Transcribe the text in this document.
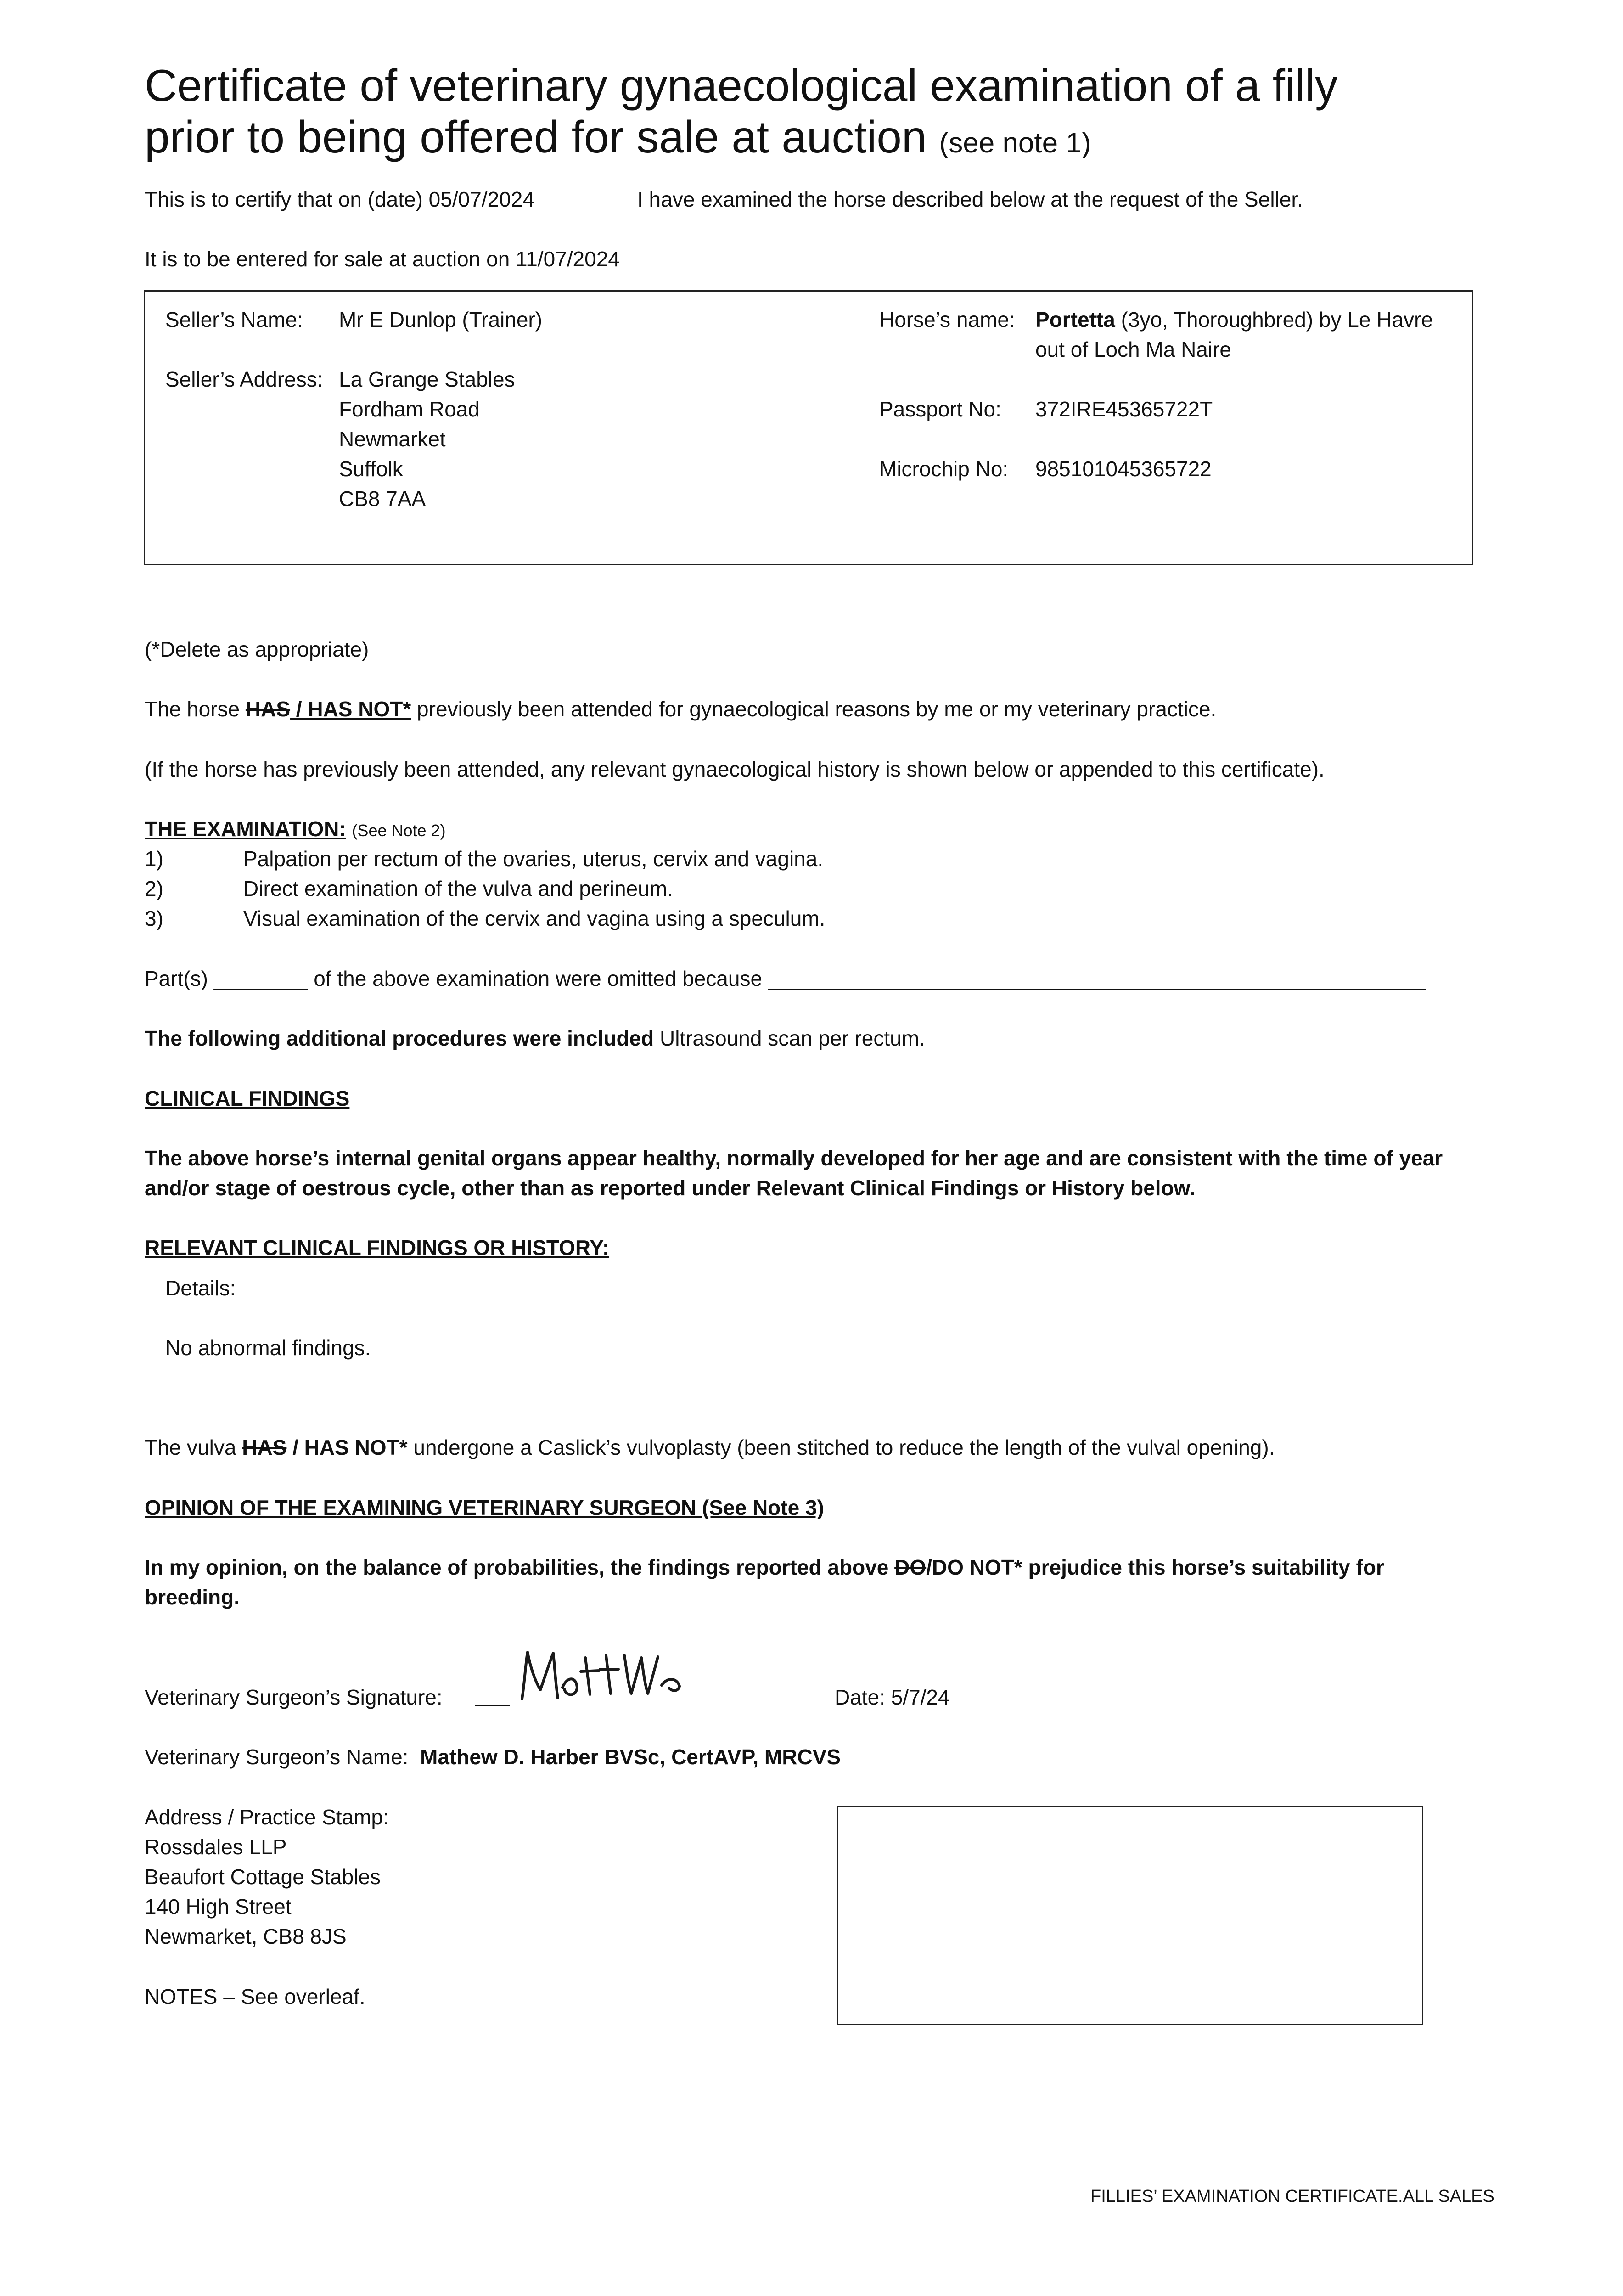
Certificate of veterinary gynaecological examination of a filly
prior to being offered for sale at auction (see note 1)
This is to certify that on (date) 05/07/2024	I have examined the horse described below at the request of the Seller.
It is to be entered for sale at auction on 11/07/2024
Seller’s Name: Mr E Dunlop (Trainer)
Seller’s Address: La Grange Stables
Fordham Road
Newmarket
Suffolk
CB8 7AA
Horse’s name: Portetta (3yo, Thoroughbred) by Le Havre
out of Loch Ma Naire
Passport No: 372IRE45365722T
Microchip No: 985101045365722
(*Delete as appropriate)
The horse HAS / HAS NOT* previously been attended for gynaecological reasons by me or my veterinary practice.
(If the horse has previously been attended, any relevant gynaecological history is shown below or appended to this certificate).
THE EXAMINATION: (See Note 2)
1)	Palpation per rectum of the ovaries, uterus, cervix and vagina.
2)	Direct examination of the vulva and perineum.
3)	Visual examination of the cervix and vagina using a speculum.
Part(s) ________ of the above examination were omitted because ________________________________________________________
The following additional procedures were included Ultrasound scan per rectum.
CLINICAL FINDINGS
The above horse’s internal genital organs appear healthy, normally developed for her age and are consistent with the time of year
and/or stage of oestrous cycle, other than as reported under Relevant Clinical Findings or History below.
RELEVANT CLINICAL FINDINGS OR HISTORY:
Details:
No abnormal findings.
The vulva HAS / HAS NOT* undergone a Caslick’s vulvoplasty (been stitched to reduce the length of the vulval opening).
OPINION OF THE EXAMINING VETERINARY SURGEON (See Note 3)
In my opinion, on the balance of probabilities, the findings reported above DO/DO NOT* prejudice this horse’s suitability for
breeding.
Veterinary Surgeon’s Signature:	Date: 5/7/24
Veterinary Surgeon’s Name: Mathew D. Harber BVSc, CertAVP, MRCVS
Address / Practice Stamp:
Rossdales LLP
Beaufort Cottage Stables
140 High Street
Newmarket, CB8 8JS
NOTES – See overleaf.
FILLIES’ EXAMINATION CERTIFICATE.ALL SALES
